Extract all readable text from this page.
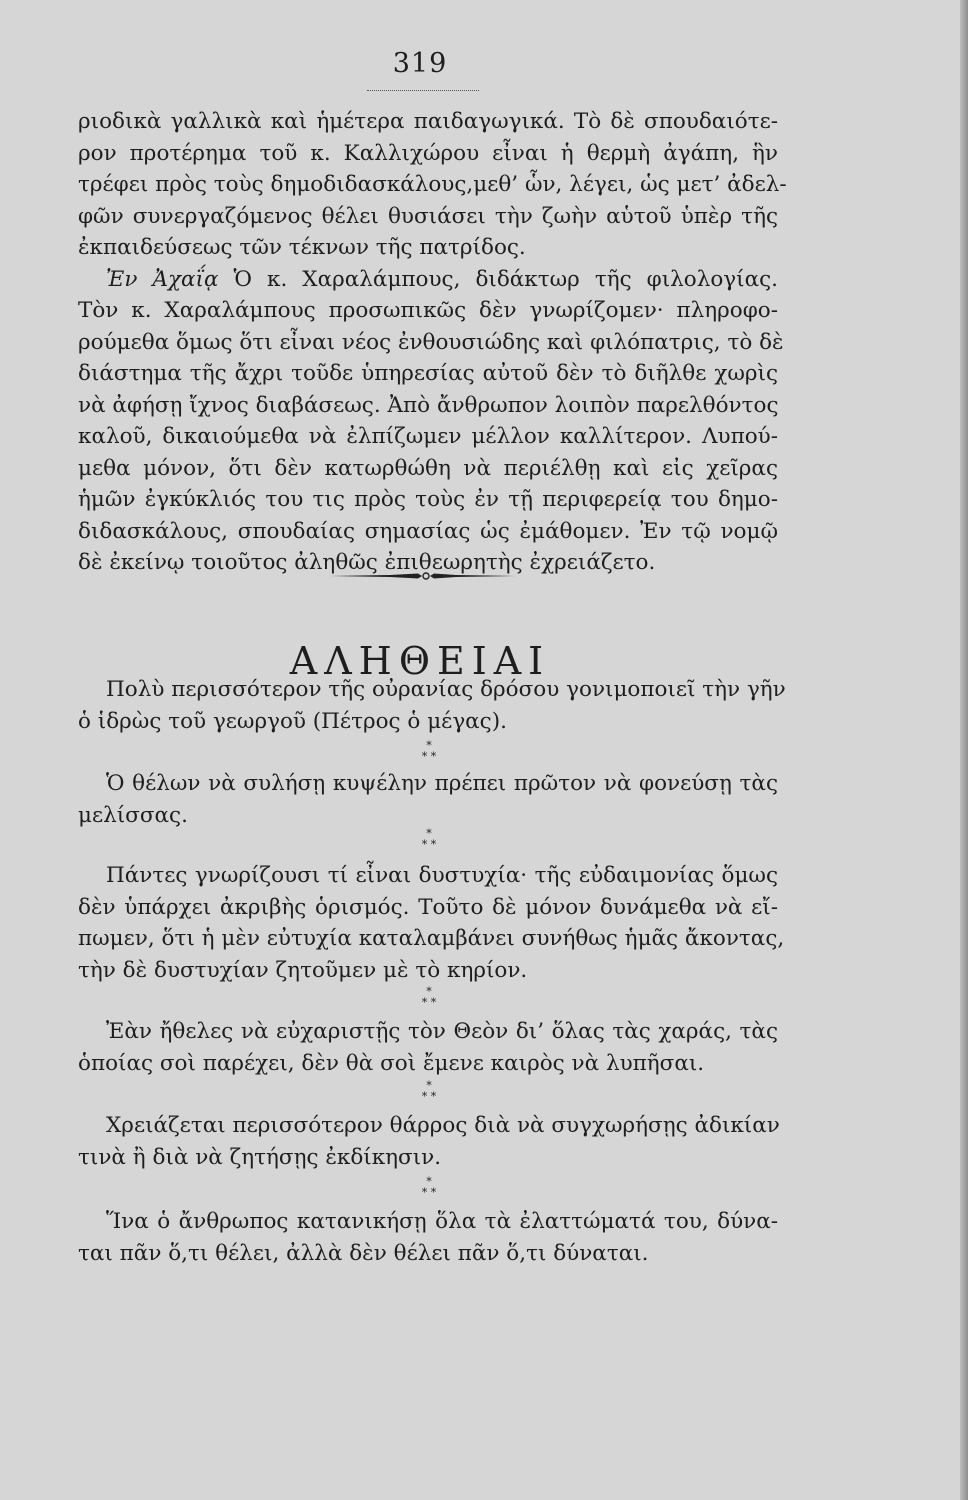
319
ριοδικὰ γαλλικὰ καὶ ἡμέτερα παιδαγωγικά. Τὸ δὲ σπουδαιότε-
ρον προτέρημα τοῦ κ. Καλλιχώρου εἶναι ἡ θερμὴ ἀγάπη, ἣν
τρέφει πρὸς τοὺς δημοδιδασκάλους,μεθ’ ὧν, λέγει, ὡς μετ’ ἀδελ-
φῶν συνεργαζόμενος θέλει θυσιάσει τὴν ζωὴν αὑτοῦ ὑπὲρ τῆς
ἐκπαιδεύσεως τῶν τέκνων τῆς πατρίδος.
Ἐν Ἀχαΐᾳ Ὁ κ. Χαραλάμπους, διδάκτωρ τῆς φιλολογίας.
Τὸν κ. Χαραλάμπους προσωπικῶς δὲν γνωρίζομεν· πληροφο-
ρούμεθα ὅμως ὅτι εἶναι νέος ἐνθουσιώδης καὶ φιλόπατρις, τὸ δὲ
διάστημα τῆς ἄχρι τοῦδε ὑπηρεσίας αὐτοῦ δὲν τὸ διῆλθε χωρὶς
νὰ ἀφήσῃ ἴχνος διαβάσεως. Ἀπὸ ἄνθρωπον λοιπὸν παρελθόντος
καλοῦ, δικαιούμεθα νὰ ἐλπίζωμεν μέλλον καλλίτερον. Λυπού-
μεθα μόνον, ὅτι δὲν κατωρθώθη νὰ περιέλθῃ καὶ εἰς χεῖρας
ἡμῶν ἐγκύκλιός του τις πρὸς τοὺς ἐν τῇ περιφερείᾳ του δημο-
διδασκάλους, σπουδαίας σημασίας ὡς ἐμάθομεν. Ἐν τῷ νομῷ
δὲ ἐκείνῳ τοιοῦτος ἀληθῶς ἐπιθεωρητὴς ἐχρειάζετο.
ΑΛΗΘΕΙΑΙ
Πολὺ περισσότερον τῆς οὐρανίας δρόσου γονιμοποιεῖ τὴν γῆν
ὁ ἱδρὼς τοῦ γεωργοῦ (Πέτρος ὁ μέγας).
*
* *
Ὁ θέλων νὰ συλήσῃ κυψέλην πρέπει πρῶτον νὰ φονεύσῃ τὰς
μελίσσας.
*
* *
Πάντες γνωρίζουσι τί εἶναι δυστυχία· τῆς εὐδαιμονίας ὅμως
δὲν ὑπάρχει ἀκριβὴς ὁρισμός. Τοῦτο δὲ μόνον δυνάμεθα νὰ εἴ-
πωμεν, ὅτι ἡ μὲν εὐτυχία καταλαμβάνει συνήθως ἡμᾶς ἄκοντας,
τὴν δὲ δυστυχίαν ζητοῦμεν μὲ τὸ κηρίον.
*
* *
Ἐὰν ἤθελες νὰ εὐχαριστῇς τὸν Θεὸν δι’ ὅλας τὰς χαράς, τὰς
ὁποίας σοὶ παρέχει, δὲν θὰ σοὶ ἔμενε καιρὸς νὰ λυπῆσαι.
*
* *
Χρειάζεται περισσότερον θάρρος διὰ νὰ συγχωρήσῃς ἀδικίαν
τινὰ ἢ διὰ νὰ ζητήσῃς ἐκδίκησιν.
*
* *
Ἵνα ὁ ἄνθρωπος κατανικήσῃ ὅλα τὰ ἐλαττώματά του, δύνα-
ται πᾶν ὅ,τι θέλει, ἀλλὰ δὲν θέλει πᾶν ὅ,τι δύναται.
